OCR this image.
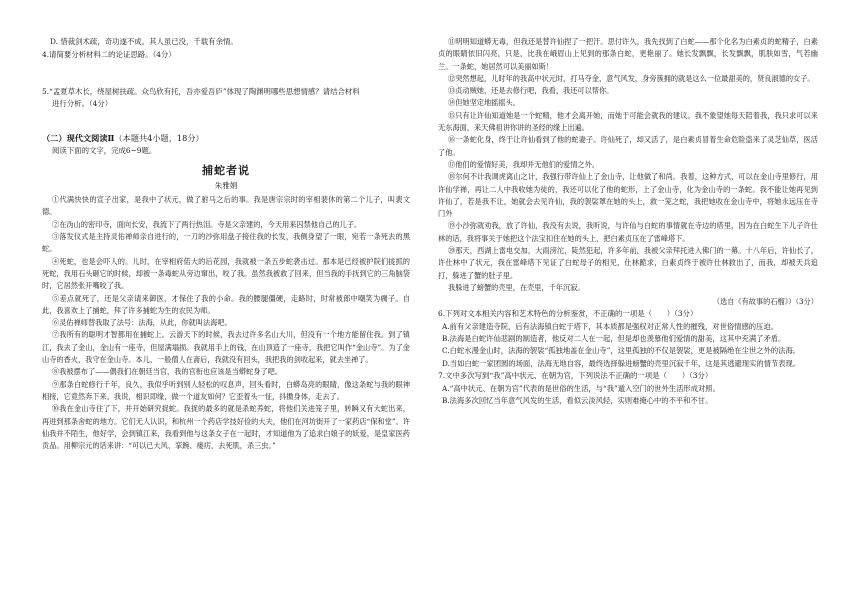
D. 惜裁剑术疏，奇功遂不成。其人虽已没，千载有余情。

4.请简要分析材料二的论证思路。（4分）

5.“孟夏草木长，绕屋树扶疏。众鸟欣有托，吾亦爱吾庐”体现了陶渊明哪些思想情感？请结合材料

进行分析。（4分）

（二）现代文阅读Ⅱ（本题共4小题，18分）

阅读下面的文字，完成6~9题。

捕蛇者说

朱雅娟

①代满快快的宣子出家，是我中了状元，做了驸马之后的事。我是唐宗宗时的宰相裴休的第二个儿子，叫裴文德。

②在沩山的密印寺，面向长安，我流下了两行热泪。寺是父亲建的，今天用来囚禁他自己的儿子。

③落发仪式是主持灵佑禅师亲自进行的，一刀的沙弥用盘子接住我的长发，我侧身望了一眼，宛若一条死去的黑蛇。

④死蛇，也是会吓人的。儿时，在宰相府偌大的后花园，我就被一条五步蛇袭击过。那本是已经被护院们拢抓的死蛇，我用石头砸它的时候，却被一条毒蛇从旁边窜出，咬了我。虽然我被救了回来，但当我的手抚到它的三角脑袋时，它居然张开嘴咬了我。

⑤差点就死了，还是父亲请来御医，才保住了我的小命。我的腰腿僵硬，走路时，时常被郎中嘲笑为瘸子。自此，我喜欢上了捕蛇，拜了许多捕蛇为生的农民为师。

⑥灵佑禅师替我取了法号：法海，从此，你就叫法海吧。

⑦我所有的聪明才智都用在捕蛇上。云游天下的时候，我去过许多名山大川，但没有一个地方能留住我。到了镇江，我去了金山，金山有一座寺，但屋满塌损。我就用手上的钱，在山顶造了一座寺，我把它叫作“金山寺”。为了金山寺的香火，我守在金山寺。本儿，一般僧人在斋后，我就没有回头，我把我的剑收起来，就去坐禅了。

⑧我被摆布了——偶我们在朝廷当官，我的官衔也应该是当蟒蛇身了吧。

⑨那条白蛇修行千年，良久，我似乎听到别人轻松的叹息声，回头看时，白蟒岛亮的眼睛，像这条蛇与我的眼神相接，它竟然奔下来。我说，相识即缘，做一个道友如何？它歪着头一怔，抖擞身体，走去了。

⑩我在金山寺住了下，并开始研究捉蛇。我捉的最多的就是杀蛇养蛇，将他们关进笼子里，转瞬又有大蛇出来，再进到那条舍蛇的地方。它们无人认识，和杭州一个药店学技好俭的大夫，他们在河坊街开了一家药店“保和堂”。许仙我并不陌生，他好学，会到镇江来，我看到他与这条女子在一起时，才知道他为了追求白娘子的妖爱，是皇家医药贡品。用柳宗元的话来讲：“可以已大风、挛踠、瘘疠，去死肌，杀三虫。”

⑪明明知道蟒无毒，但我还是替许仙捏了一把汗。思付许久，我先找到了白蛇——那个化名为白素贞的蛇精子，白素贞的眼睛依旧闪亮，只是，比我在峨眉山上见到的那条白蛇，更艳丽了。她长发飘飘，长发飘飘，肌肤如雪，气若幽兰。一条蛇，她居然可以美丽如斯！

⑫突然想起，儿时年的我高中状元时，打马夺金，意气风发，身旁簇拥的就是这么一位最甜美的，贤良淑德的女子。

⑬贞动贼她，还是去修行吧，我看，我还可以帮你。

⑭但她坚定地摇摇头。

⑮只有让许仙知道她是一个蛇精，他才会离开她，而她于可能会就我的建议。我不象望她每天陪着我，我只求可以来无东海面，来天佛祖讲你讲的圣经的缘上出遍。

⑯一条蛇化身，终于让许仙看到了他的蛇妻子。许仙死了，却又活了，是白素贞冒着生命危险盗来了灵芝仙草，医活了他。

⑰他们的爱情好美，我却并无他们的爱情之外。

⑱尔何不计我调虎离山之计，我强行带许仙上了金山寺，让他做了和尚。我着，这种方式，可以在金山寺里修行，用许仙学禅，再让二人中我收她为徒的，我还可以化了他的蛇形，上了金山寺，化为金山寺的一条蛇。我不能让她再见到许仙了，若是我不让，她就会去见许仙，我的袈裟罩在她的头上，救一笼之蛇，我把她收在金山寺中，将她永远压在寺门外

⑲小沙弥就劝我，放了许仙，我没有去说，我听说，与许仙与白蛇的事情就在寺边的塔里，因为在白蛇生下儿子许仕林的话，我将事关于她把这个法宝扣住在她的头上，把白素贞压在了雷峰塔下。

⑳那天，西湖上雷电交加，大雨滂沱，陡然犯起，许多年前，我被父亲拜托进入佛门的一幕。十八年后，许仙长了，许仕林中了状元，我在雷峰塔下见证了白蛇母子的相见，仕林跪求，白素贞终于被许仕林救出了，而我，却被天兵追打，躲进了蟹的肚子里。

我躲进了螃蟹的壳里，在壳里，千年沉寂。

（选自《有故事的石榴》）（3分）

6.下列对文本相关内容和艺术特色的分析鉴赏，不正确的一项是（　　）（3分）

A.前有父亲建造寺院，后有法海镇白蛇于塔下，其本质都是强权对正常人性的摧残，对世俗情感的压迫。

B.法海是白蛇许仙悲剧的制造者，他反对二人在一起，但是却也羡慕他们爱情的甜美，这其中充满了矛盾。

C.白蛇水漫金山时，法海的袈裟“孤独地盖在金山寺”，这里孤独的不仅是袈裟，更是被隔绝在尘世之外的法海。

D.当如白蛇一家团圆的场面，法海无地自容，最终选择躲进螃蟹的壳里沉寂千年，这是其逃避现实的情节表现。

7.文中多次写到“我”高中状元、在朝为官，下列说法不正确的一项是（　　）（3分）

A.“高中状元、在朝为官”代表的是世俗的生活，与“我”遁入空门的世外生活形成对照。

B.法海多次回忆当年意气风发的生活，看似云淡风轻，实则难掩心中的不平和不甘。
